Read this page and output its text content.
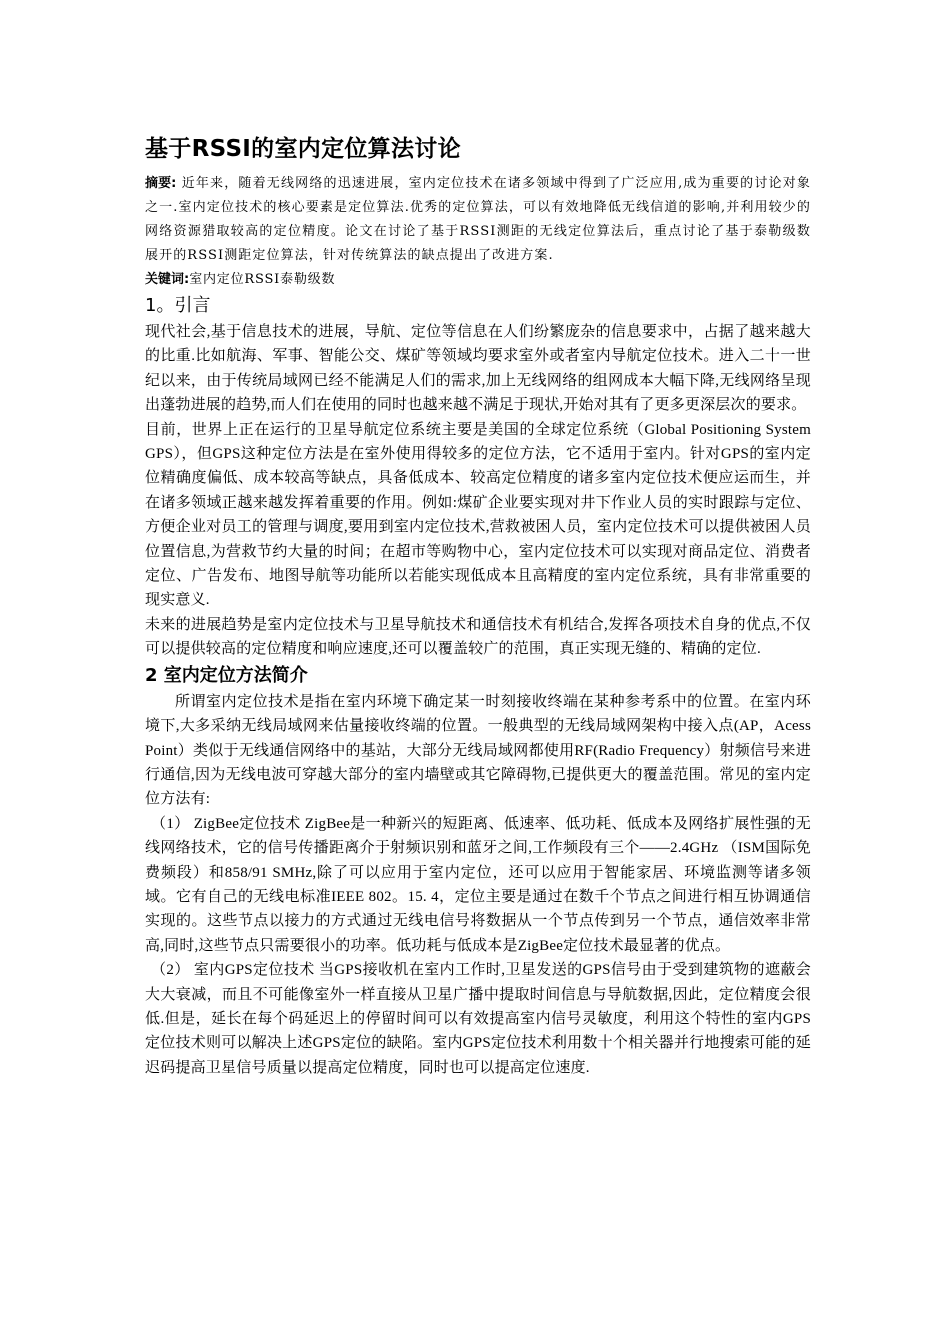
基于RSSI的室内定位算法讨论

摘要: 近年来，随着无线网络的迅速进展，室内定位技术在诸多领域中得到了广泛应用,成为重要的讨论对象之一.室内定位技术的核心要素是定位算法.优秀的定位算法，可以有效地降低无线信道的影响,并利用较少的网络资源猎取较高的定位精度。论文在讨论了基于RSSI测距的无线定位算法后，重点讨论了基于泰勒级数展开的RSSI测距定位算法，针对传统算法的缺点提出了改进方案.

关键词:室内定位RSSI泰勒级数

1。引言

现代社会,基于信息技术的进展，导航、定位等信息在人们纷繁庞杂的信息要求中，占据了越来越大的比重.比如航海、军事、智能公交、煤矿等领域均要求室外或者室内导航定位技术。进入二十一世纪以来，由于传统局域网已经不能满足人们的需求,加上无线网络的组网成本大幅下降,无线网络呈现出蓬勃进展的趋势,而人们在使用的同时也越来越不满足于现状,开始对其有了更多更深层次的要求。

目前，世界上正在运行的卫星导航定位系统主要是美国的全球定位系统（Global Positioning System GPS），但GPS这种定位方法是在室外使用得较多的定位方法，它不适用于室内。针对GPS的室内定位精确度偏低、成本较高等缺点，具备低成本、较高定位精度的诸多室内定位技术便应运而生，并在诸多领域正越来越发挥着重要的作用。例如:煤矿企业要实现对井下作业人员的实时跟踪与定位、方便企业对员工的管理与调度,要用到室内定位技术,营救被困人员，室内定位技术可以提供被困人员位置信息,为营救节约大量的时间；在超市等购物中心，室内定位技术可以实现对商品定位、消费者定位、广告发布、地图导航等功能所以若能实现低成本且高精度的室内定位系统，具有非常重要的现实意义.

未来的进展趋势是室内定位技术与卫星导航技术和通信技术有机结合,发挥各项技术自身的优点,不仅可以提供较高的定位精度和响应速度,还可以覆盖较广的范围，真正实现无缝的、精确的定位.

2 室内定位方法简介

所谓室内定位技术是指在室内环境下确定某一时刻接收终端在某种参考系中的位置。在室内环境下,大多采纳无线局域网来估量接收终端的位置。一般典型的无线局域网架构中接入点(AP，Acess Point）类似于无线通信网络中的基站，大部分无线局域网都使用RF(Radio Frequency）射频信号来进行通信,因为无线电波可穿越大部分的室内墙壁或其它障碍物,已提供更大的覆盖范围。常见的室内定位方法有:

（1） ZigBee定位技术 ZigBee是一种新兴的短距离、低速率、低功耗、低成本及网络扩展性强的无线网络技术，它的信号传播距离介于射频识别和蓝牙之间,工作频段有三个——2.4GHz （ISM国际免费频段）和858/91 SMHz,除了可以应用于室内定位，还可以应用于智能家居、环境监测等诸多领域。它有自己的无线电标准IEEE 802。15. 4，定位主要是通过在数千个节点之间进行相互协调通信实现的。这些节点以接力的方式通过无线电信号将数据从一个节点传到另一个节点，通信效率非常高,同时,这些节点只需要很小的功率。低功耗与低成本是ZigBee定位技术最显著的优点。

（2） 室内GPS定位技术 当GPS接收机在室内工作时,卫星发送的GPS信号由于受到建筑物的遮蔽会大大衰减，而且不可能像室外一样直接从卫星广播中提取时间信息与导航数据,因此，定位精度会很低.但是，延长在每个码延迟上的停留时间可以有效提高室内信号灵敏度，利用这个特性的室内GPS定位技术则可以解决上述GPS定位的缺陷。室内GPS定位技术利用数十个相关器并行地搜索可能的延迟码提高卫星信号质量以提高定位精度，同时也可以提高定位速度.
